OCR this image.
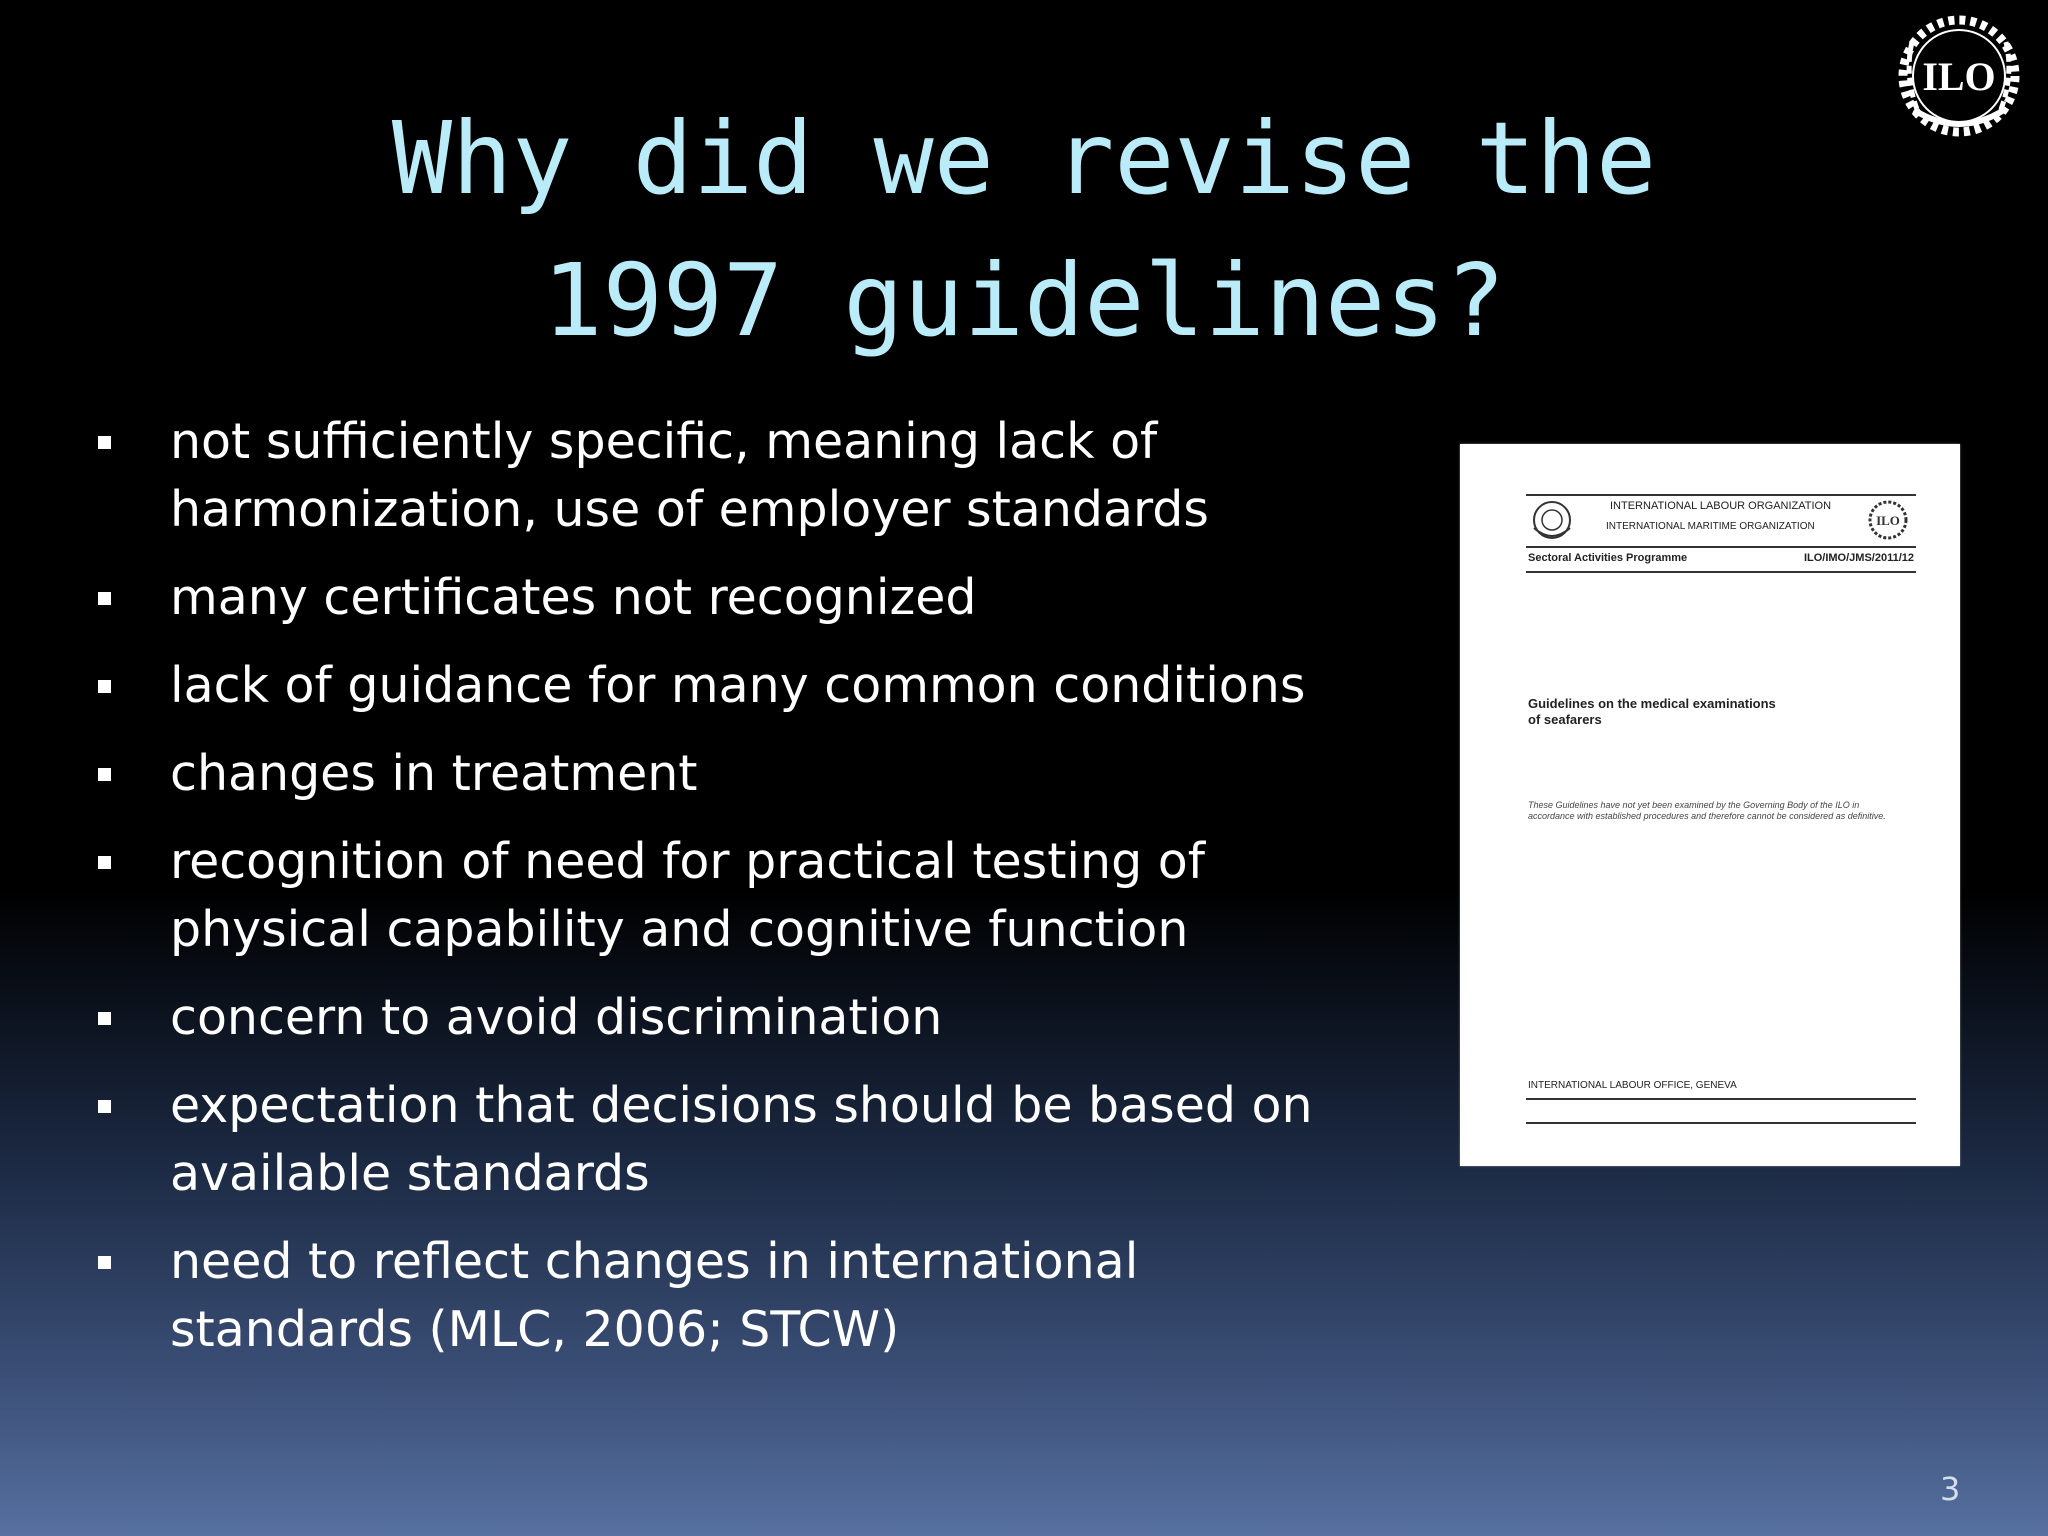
Why did we revise the
1997 guidelines?
ILO
not sufficiently specific, meaning lack of harmonization, use of employer standards
many certificates not recognized
lack of guidance for many common conditions
changes in treatment
recognition of need for practical testing of physical capability and cognitive function
concern to avoid discrimination
expectation that decisions should be based on available standards
need to reflect changes in international standards (MLC, 2006; STCW)
INTERNATIONAL LABOUR ORGANIZATION
INTERNATIONAL MARITIME ORGANIZATION	ILO
Sectoral Activities Programme	ILO/IMO/JMS/2011/12
Guidelines on the medical examinations of seafarers
These Guidelines have not yet been examined by the Governing Body of the ILO in accordance with established procedures and therefore cannot be considered as definitive.
INTERNATIONAL LABOUR OFFICE, GENEVA
3
